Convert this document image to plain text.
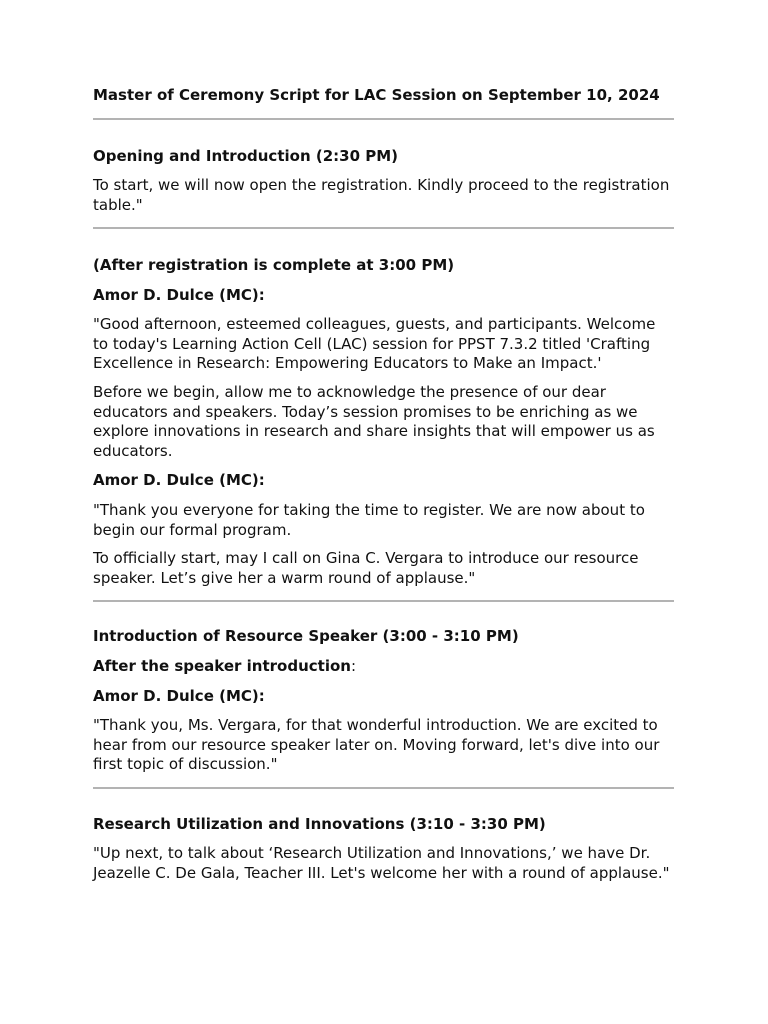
Master of Ceremony Script for LAC Session on September 10, 2024
Opening and Introduction (2:30 PM)

To start, we will now open the registration. Kindly proceed to the registration table."

(After registration is complete at 3:00 PM)

Amor D. Dulce (MC):

"Good afternoon, esteemed colleagues, guests, and participants. Welcome to today's Learning Action Cell (LAC) session for PPST 7.3.2 titled 'Crafting Excellence in Research: Empowering Educators to Make an Impact.'

Before we begin, allow me to acknowledge the presence of our dear educators and speakers. Today’s session promises to be enriching as we explore innovations in research and share insights that will empower us as educators.

Amor D. Dulce (MC):

"Thank you everyone for taking the time to register. We are now about to begin our formal program.

To officially start, may I call on Gina C. Vergara to introduce our resource speaker. Let’s give her a warm round of applause."

Introduction of Resource Speaker (3:00 - 3:10 PM)

After the speaker introduction:

Amor D. Dulce (MC):

"Thank you, Ms. Vergara, for that wonderful introduction. We are excited to hear from our resource speaker later on. Moving forward, let's dive into our first topic of discussion."

Research Utilization and Innovations (3:10 - 3:30 PM)

"Up next, to talk about ‘Research Utilization and Innovations,’ we have Dr. Jeazelle C. De Gala, Teacher III. Let's welcome her with a round of applause."
